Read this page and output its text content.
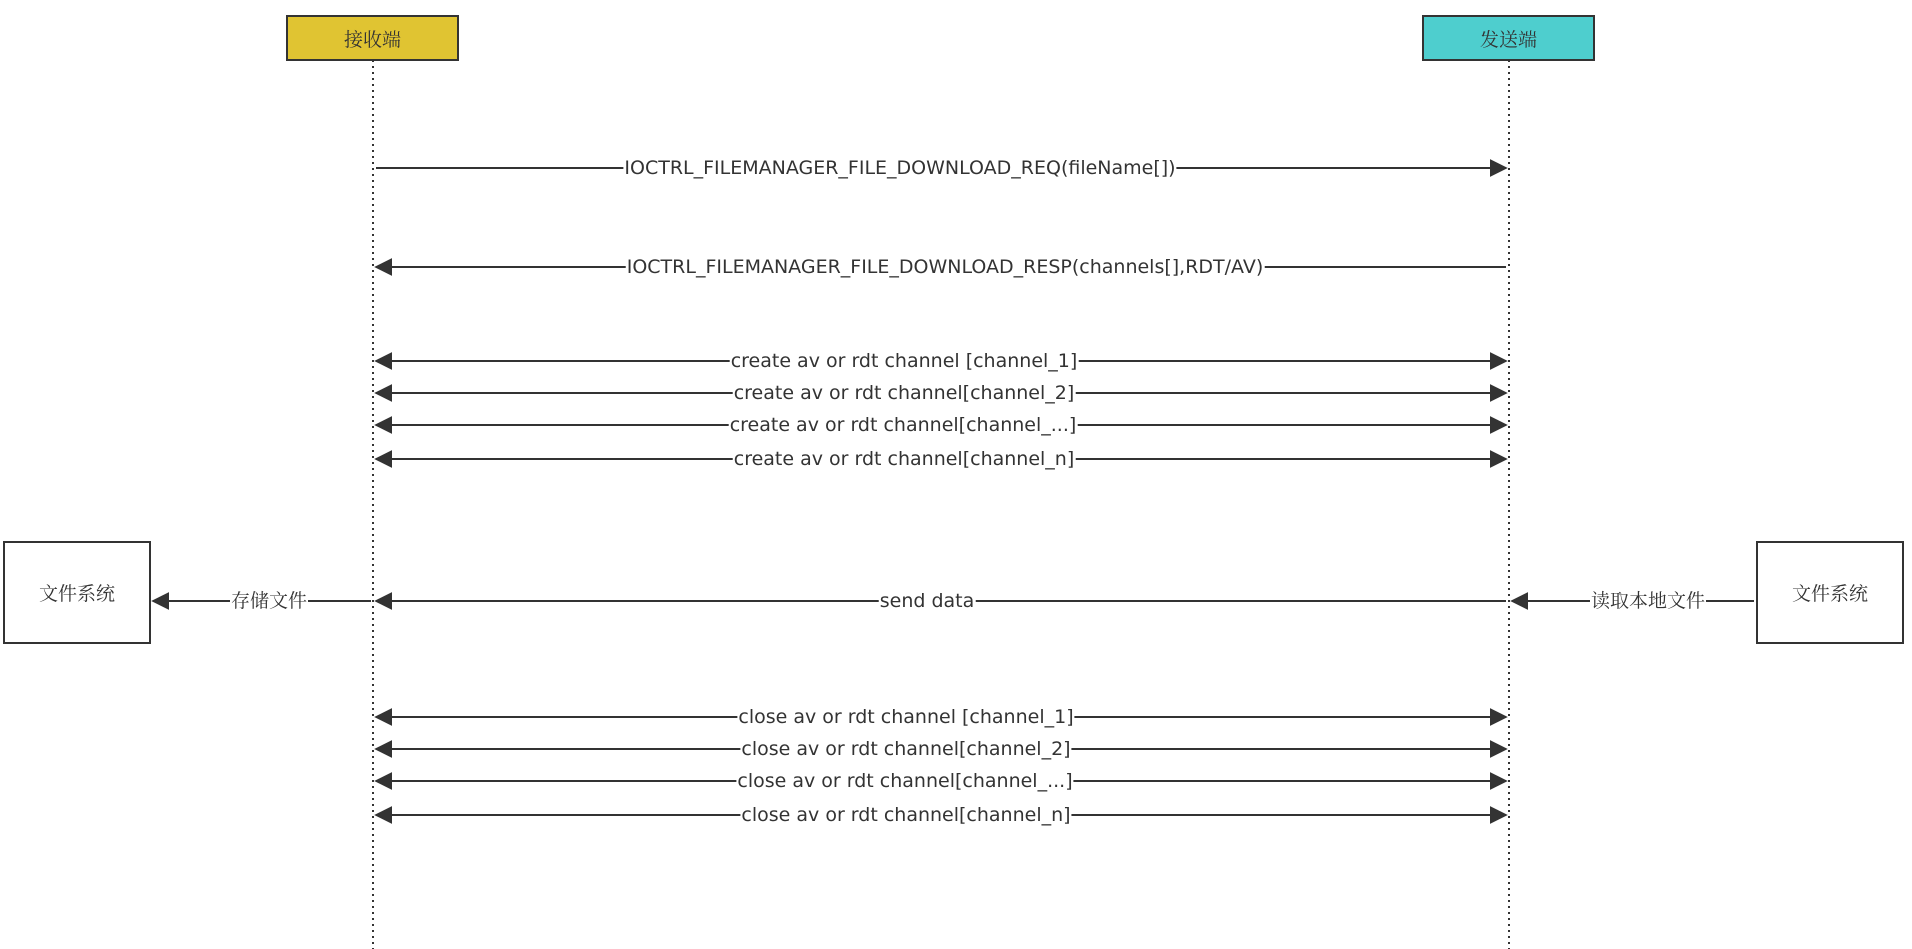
接收端	发送端
文件系统	文件系统
IOCTRL_FILEMANAGER_FILE_DOWNLOAD_REQ(fileName[])
IOCTRL_FILEMANAGER_FILE_DOWNLOAD_RESP(channels[],RDT/AV)
create av or rdt channel [channel_1]
create av or rdt channel[channel_2]
create av or rdt channel[channel_...]
create av or rdt channel[channel_n]
存储文件	send data	读取本地文件
close av or rdt channel [channel_1]
close av or rdt channel[channel_2]
close av or rdt channel[channel_...]
close av or rdt channel[channel_n]
